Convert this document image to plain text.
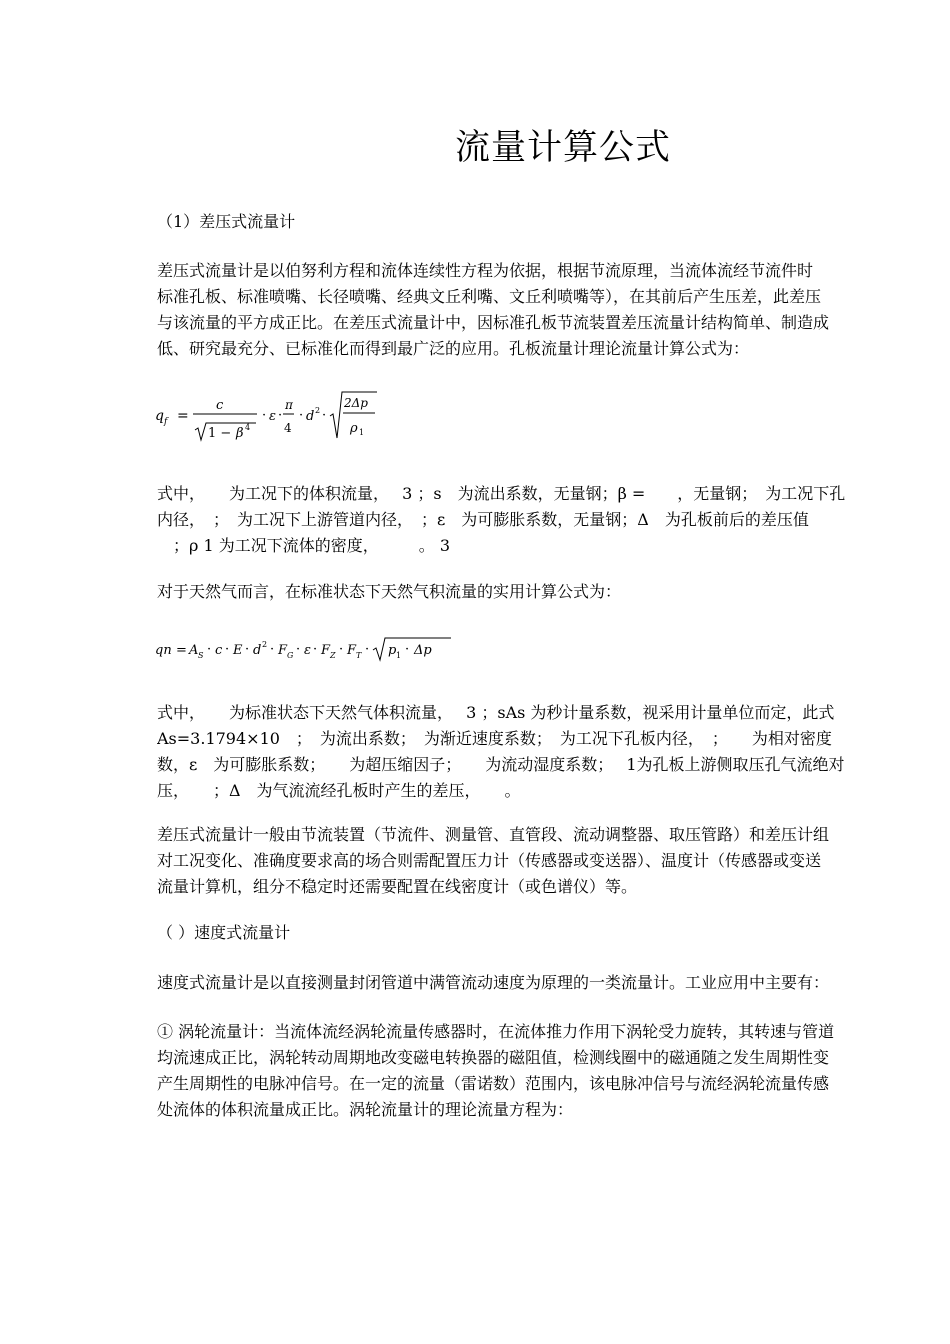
流量计算公式
（1）差压式流量计
差压式流量计是以伯努利方程和流体连续性方程为依据，根据节流原理，当流体流经节流件时
标准孔板、标准喷嘴、长径喷嘴、经典文丘利嘴、文丘利喷嘴等），在其前后产生压差，此差压
与该流量的平方成正比。在差压式流量计中，因标准孔板节流装置差压流量计结构简单、制造成
低、研究最充分、已标准化而得到最广泛的应用。孔板流量计理论流量计算公式为：
q f =
c
1 − β 4
· ε ·
π
4
· d 2 ·
2Δp
ρ 1
式中，　　为工况下的体积流量，　 3 ；s　为流出系数，无量钢；β =　　，无量钢；　为工况下孔
内径，　；　为工况下上游管道内径，　；ε　为可膨胀系数，无量钢；Δ　为孔板前后的差压值
　；ρ 1 为工况下流体的密度，　　　。 3
对于天然气而言，在标准状态下天然气积流量的实用计算公式为：
qn = A S · c · E · d 2 · F G · ε · F Z · F T · p 1 · Δp
式中，　　为标准状态下天然气体积流量，　 3 ；sAs 为秒计量系数，视采用计量单位而定，此式
As=3.1794×10　；　为流出系数；　为渐近速度系数；　为工况下孔板内径，　；　　为相对密度
数，ε　为可膨胀系数；　　为超压缩因子；　　为流动湿度系数；　 1为孔板上游侧取压孔气流绝对
压，　　；Δ　为气流流经孔板时产生的差压，　　。
差压式流量计一般由节流装置（节流件、测量管、直管段、流动调整器、取压管路）和差压计组
对工况变化、准确度要求高的场合则需配置压力计（传感器或变送器）、温度计（传感器或变送
流量计算机，组分不稳定时还需要配置在线密度计（或色谱仪）等。
（ ）速度式流量计
速度式流量计是以直接测量封闭管道中满管流动速度为原理的一类流量计。工业应用中主要有：
① 涡轮流量计：当流体流经涡轮流量传感器时，在流体推力作用下涡轮受力旋转，其转速与管道
均流速成正比，涡轮转动周期地改变磁电转换器的磁阻值，检测线圈中的磁通随之发生周期性变
产生周期性的电脉冲信号。在一定的流量（雷诺数）范围内，该电脉冲信号与流经涡轮流量传感
处流体的体积流量成正比。涡轮流量计的理论流量方程为：
